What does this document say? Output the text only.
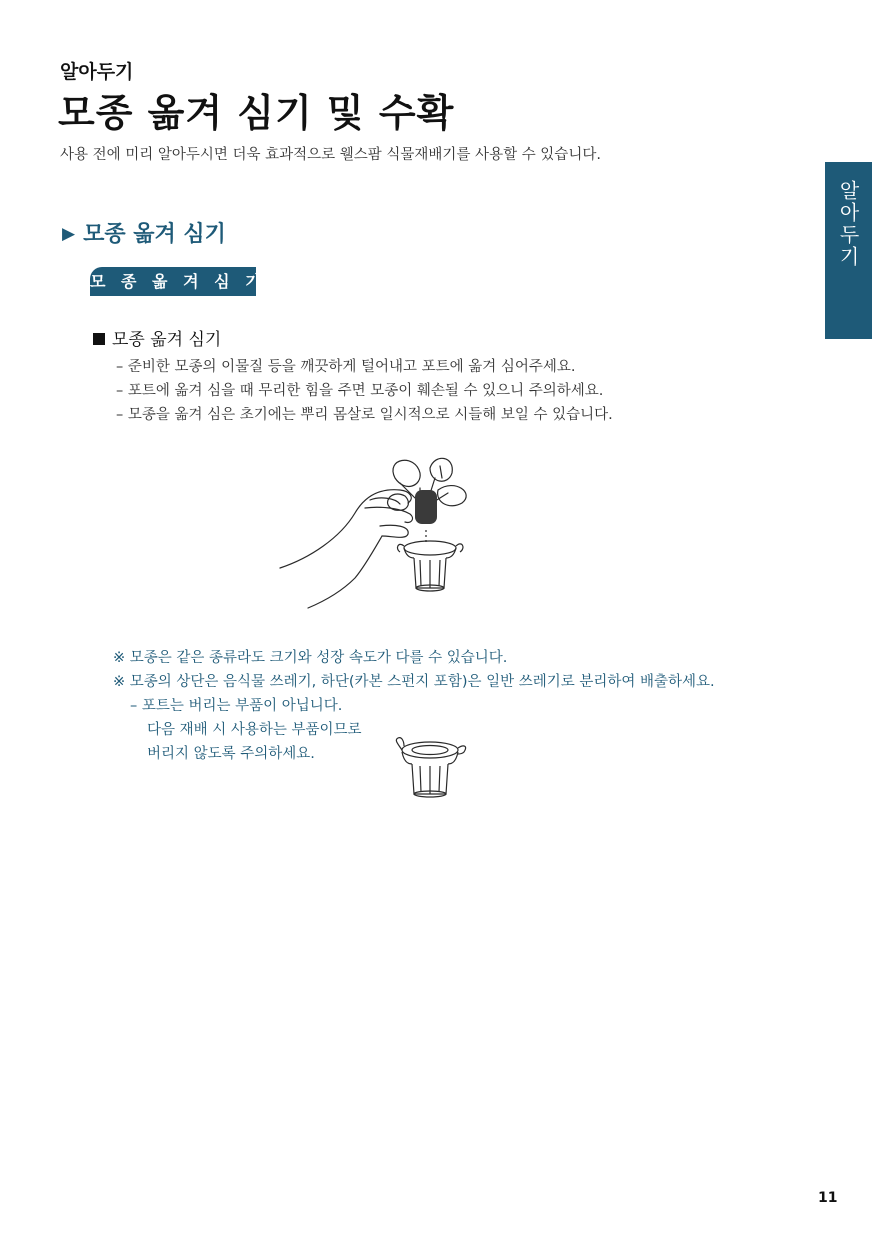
알아두기
모종 옮겨 심기 및 수확
사용 전에 미리 알아두시면 더욱 효과적으로 웰스팜 식물재배기를 사용할 수 있습니다.
알아두기
▶ 모종 옮겨 심기
모 종 옮 겨 심 기
모종 옮겨 심기
– 준비한 모종의 이물질 등을 깨끗하게 털어내고 포트에 옮겨 심어주세요.
– 포트에 옮겨 심을 때 무리한 힘을 주면 모종이 훼손될 수 있으니 주의하세요.
– 모종을 옮겨 심은 초기에는 뿌리 몸살로 일시적으로 시들해 보일 수 있습니다.
※ 모종은 같은 종류라도 크기와 성장 속도가 다를 수 있습니다.
※ 모종의 상단은 음식물 쓰레기, 하단(카본 스펀지 포함)은 일반 쓰레기로 분리하여 배출하세요.
– 포트는 버리는 부품이 아닙니다.
다음 재배 시 사용하는 부품이므로
버리지 않도록 주의하세요.
11
